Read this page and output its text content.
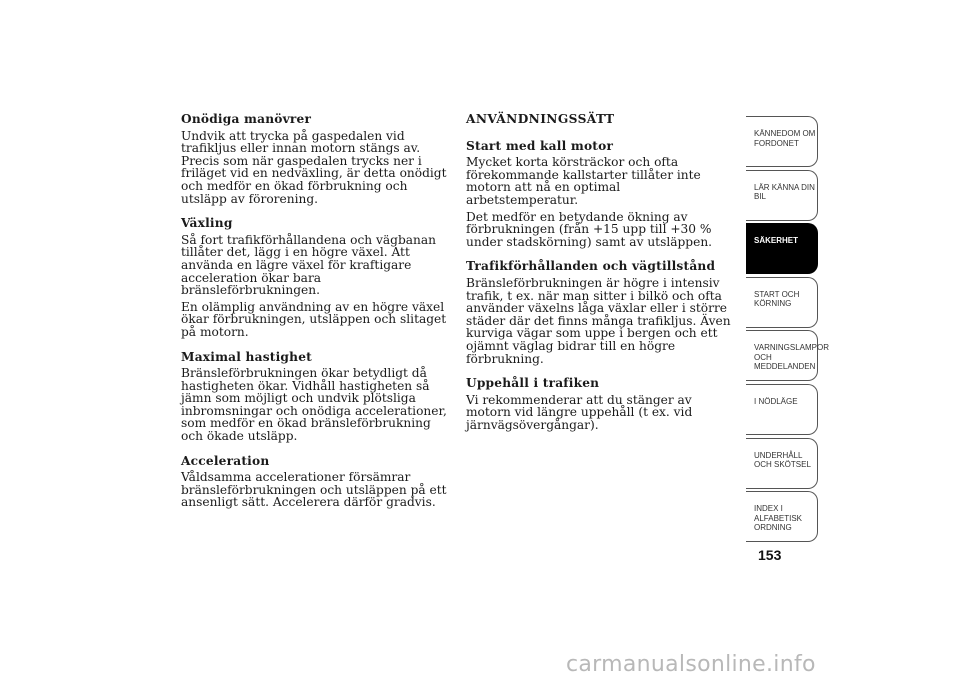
Onödiga manövrer

Undvik att trycka på gaspedalen vid trafikljus eller innan motorn stängs av. Precis som när gaspedalen trycks ner i friläget vid en nedväxling, är detta onödigt och medför en ökad förbrukning och utsläpp av förorening.

Växling

Så fort trafikförhållandena och vägbanan tillåter det, lägg i en högre växel. Att använda en lägre växel för kraftigare acceleration ökar bara bränsleförbrukningen.

En olämplig användning av en högre växel ökar förbrukningen, utsläppen och slitaget på motorn.

Maximal hastighet

Bränsleförbrukningen ökar betydligt då hastigheten ökar. Vidhåll hastigheten så jämn som möjligt och undvik plötsliga inbromsningar och onödiga accelerationer, som medför en ökad bränsleförbrukning och ökade utsläpp.

Acceleration

Våldsamma accelerationer försämrar bränsleförbrukningen och utsläppen på ett ansenligt sätt. Accelerera därför gradvis.

ANVÄNDNINGSSÄTT
Start med kall motor

Mycket korta körsträckor och ofta förekommande kallstarter tillåter inte motorn att nå en optimal arbetstemperatur.

Det medför en betydande ökning av förbrukningen (från +15 upp till +30 % under stadskörning) samt av utsläppen.

Trafikförhållanden och vägtillstånd

Bränsleförbrukningen är högre i intensiv trafik, t ex. när man sitter i bilkö och ofta använder växelns låga växlar eller i större städer där det finns många trafikljus. Även kurviga vägar som uppe i bergen och ett ojämnt väglag bidrar till en högre förbrukning.

Uppehåll i trafiken

Vi rekommenderar att du stänger av motorn vid längre uppehåll (t ex. vid järnvägsövergångar).

KÄNNEDOM OM FORDONET
LÄR KÄNNA DIN BIL
SÄKERHET
START OCH KÖRNING
VARNINGSLAMPOR OCH MEDDELANDEN
I NÖDLÄGE
UNDERHÅLL OCH SKÖTSEL
INDEX I ALFABETISK ORDNING
153
carmanualsonline.info
